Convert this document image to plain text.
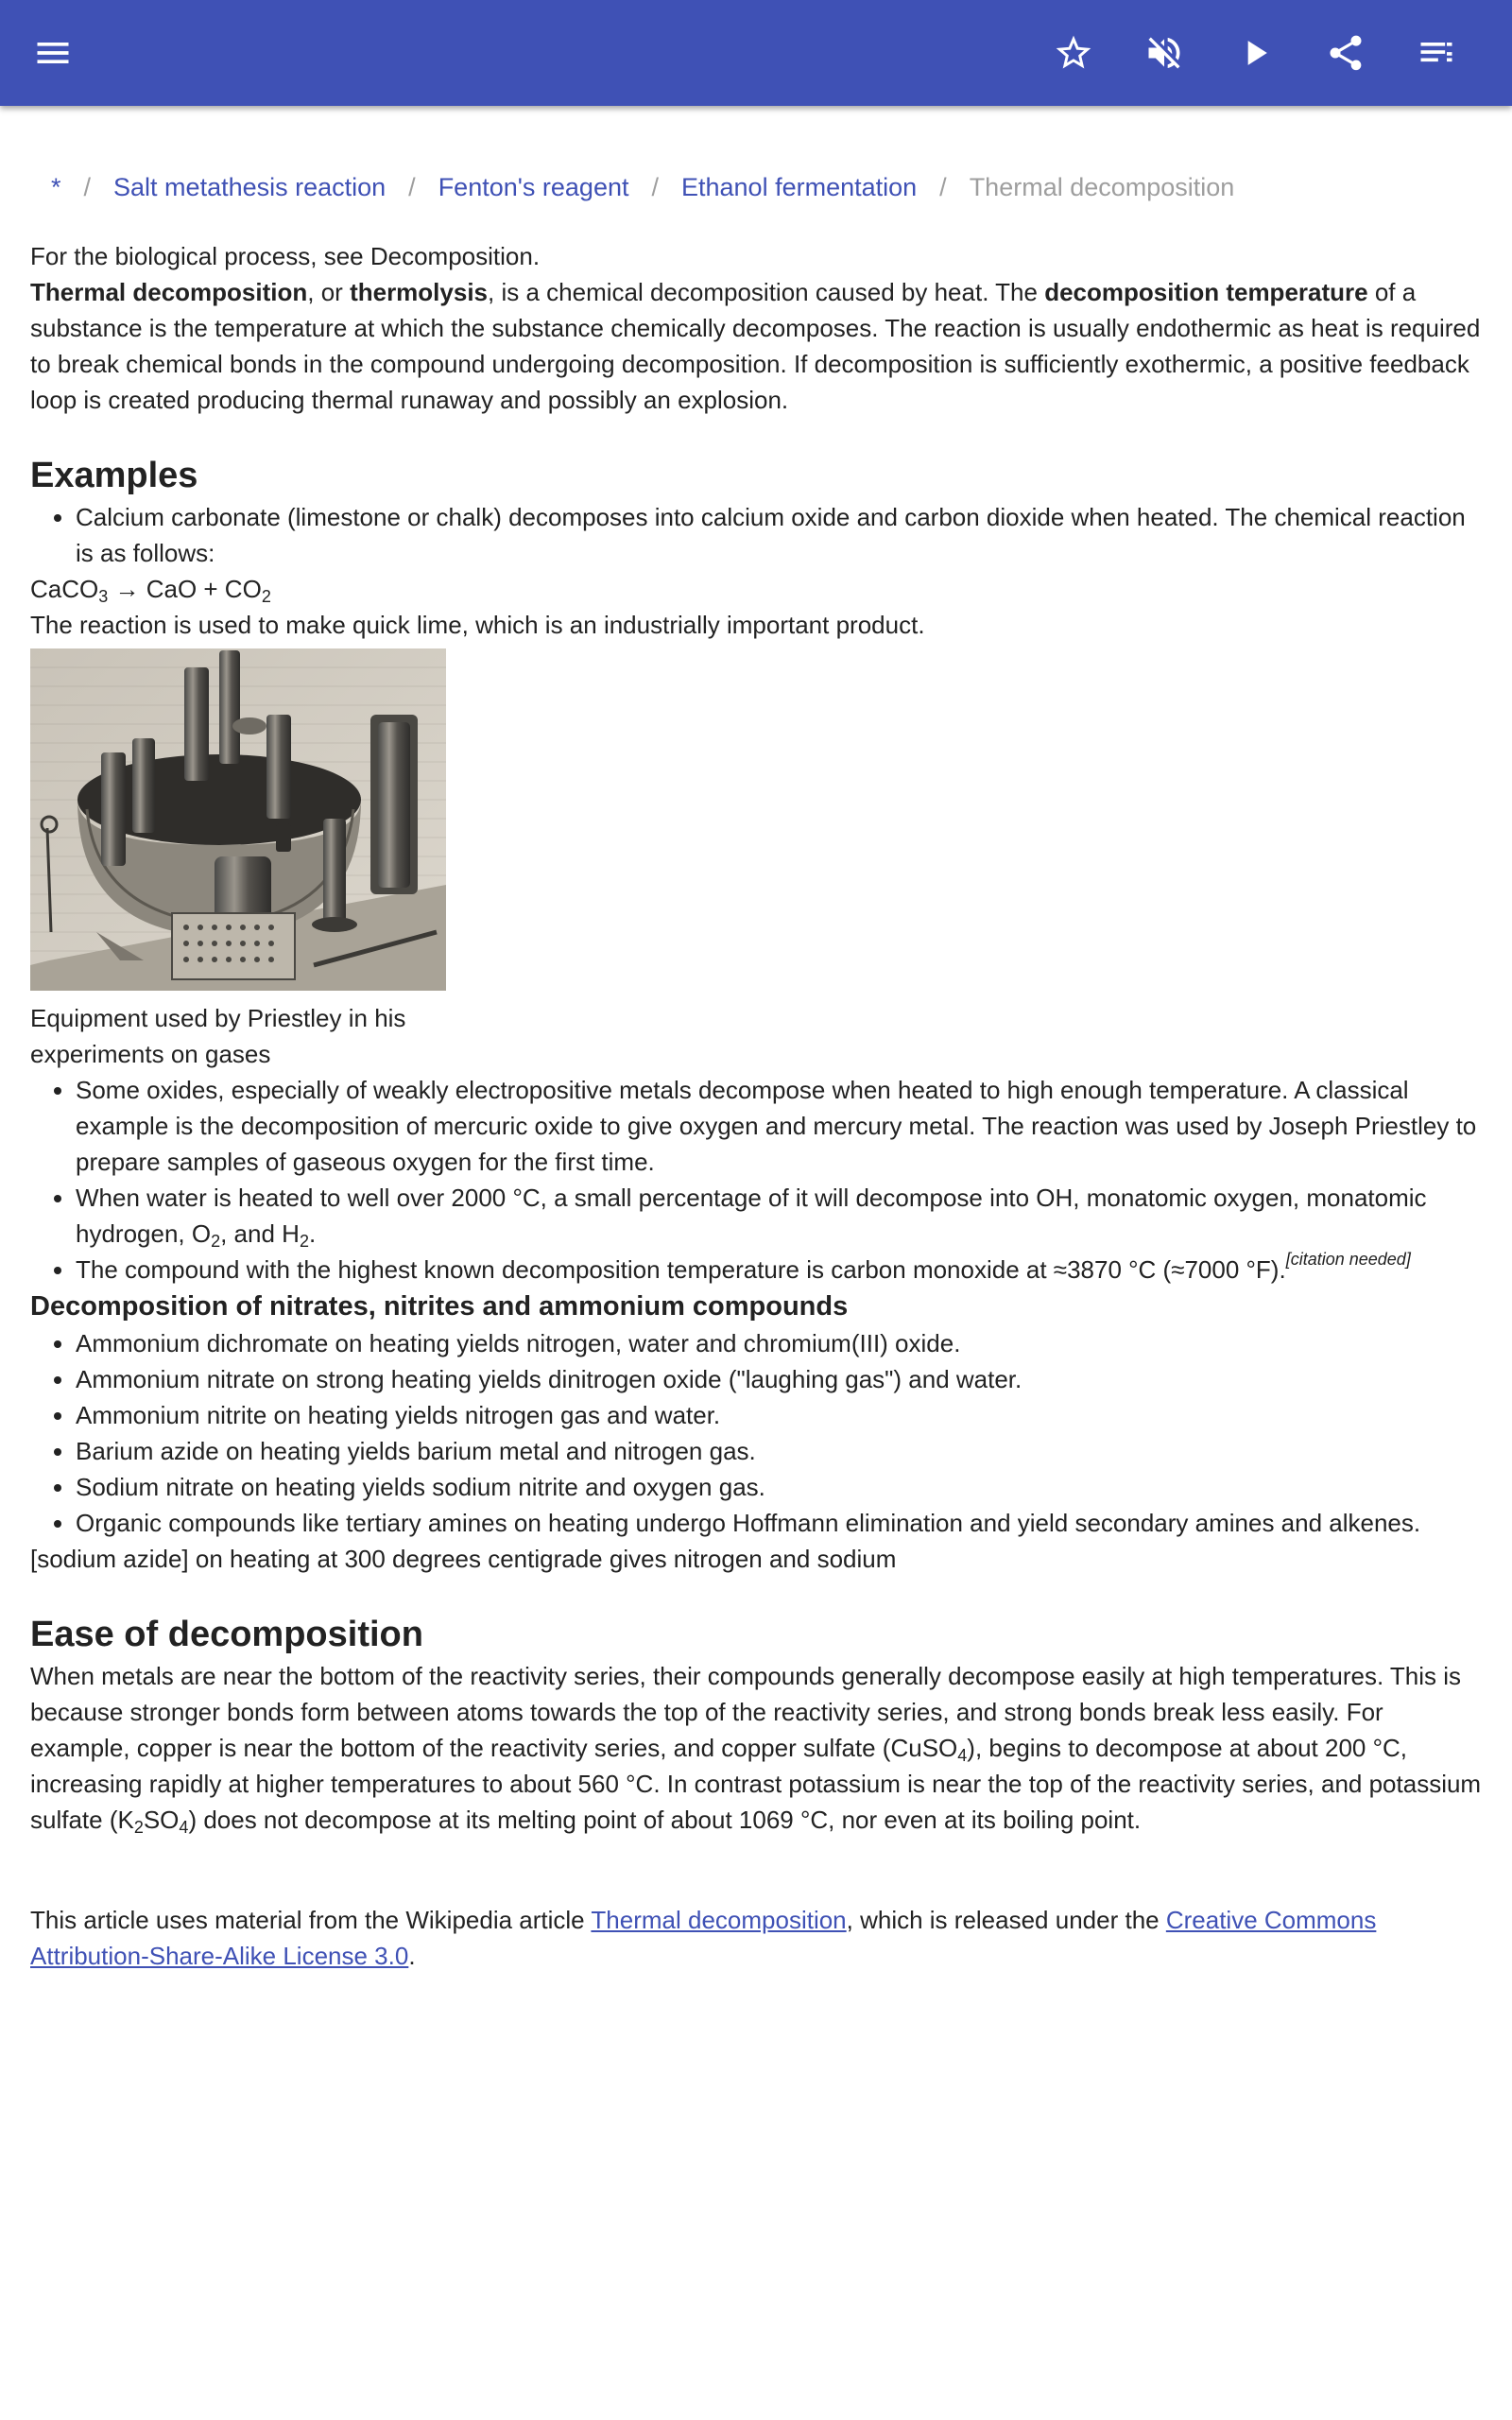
* / Salt metathesis reaction / Fenton's reagent / Ethanol fermentation / Thermal decomposition

For the biological process, see Decomposition.

Thermal decomposition, or thermolysis, is a chemical decomposition caused by heat. The decomposition temperature of a substance is the temperature at which the substance chemically decomposes. The reaction is usually endothermic as heat is required to break chemical bonds in the compound undergoing decomposition. If decomposition is sufficiently exothermic, a positive feedback loop is created producing thermal runaway and possibly an explosion.

Examples
• Calcium carbonate (limestone or chalk) decomposes into calcium oxide and carbon dioxide when heated. The chemical reaction is as follows:

CaCO$_3$ → CaO + $CO_2$

The reaction is used to make quick lime, which is an industrially important product.

Equipment used by Priestley in his experiments on gases

• Some oxides, especially of weakly electropositive metals decompose when heated to high enough temperature. A classical example is the decomposition of mercuric oxide to give oxygen and mercury metal. The reaction was used by Joseph Priestley to prepare samples of gaseous oxygen for the first time.
• When water is heated to well over 2000 °C, a small percentage of it will decompose into OH, monatomic oxygen, monatomic hydrogen, $O_2$, and $H_2$.
• The compound with the highest known decomposition temperature is carbon monoxide at ≈3870 °C (≈7000 °F).[citation needed]
Decomposition of nitrates, nitrites and ammonium compounds
• Ammonium dichromate on heating yields nitrogen, water and chromium(III) oxide.
• Ammonium nitrate on strong heating yields dinitrogen oxide ("laughing gas") and water.
• Ammonium nitrite on heating yields nitrogen gas and water.
• Barium azide on heating yields barium metal and nitrogen gas.
• Sodium nitrate on heating yields sodium nitrite and oxygen gas.
• Organic compounds like tertiary amines on heating undergo Hoffmann elimination and yield secondary amines and alkenes.

[sodium azide] on heating at 300 degrees centigrade gives nitrogen and sodium

Ease of decomposition

When metals are near the bottom of the reactivity series, their compounds generally decompose easily at high temperatures. This is because stronger bonds form between atoms towards the top of the reactivity series, and strong bonds break less easily. For example, copper is near the bottom of the reactivity series, and copper sulfate (CuSO$_4$), begins to decompose at about 200 °C, increasing rapidly at higher temperatures to about 560 °C. In contrast potassium is near the top of the reactivity series, and potassium sulfate $(K_2SO_4)$ does not decompose at its melting point of about 1069 °C, nor even at its boiling point.

This article uses material from the Wikipedia article Thermal decomposition, which is released under the Creative Commons Attribution-Share-Alike License 3.0.
